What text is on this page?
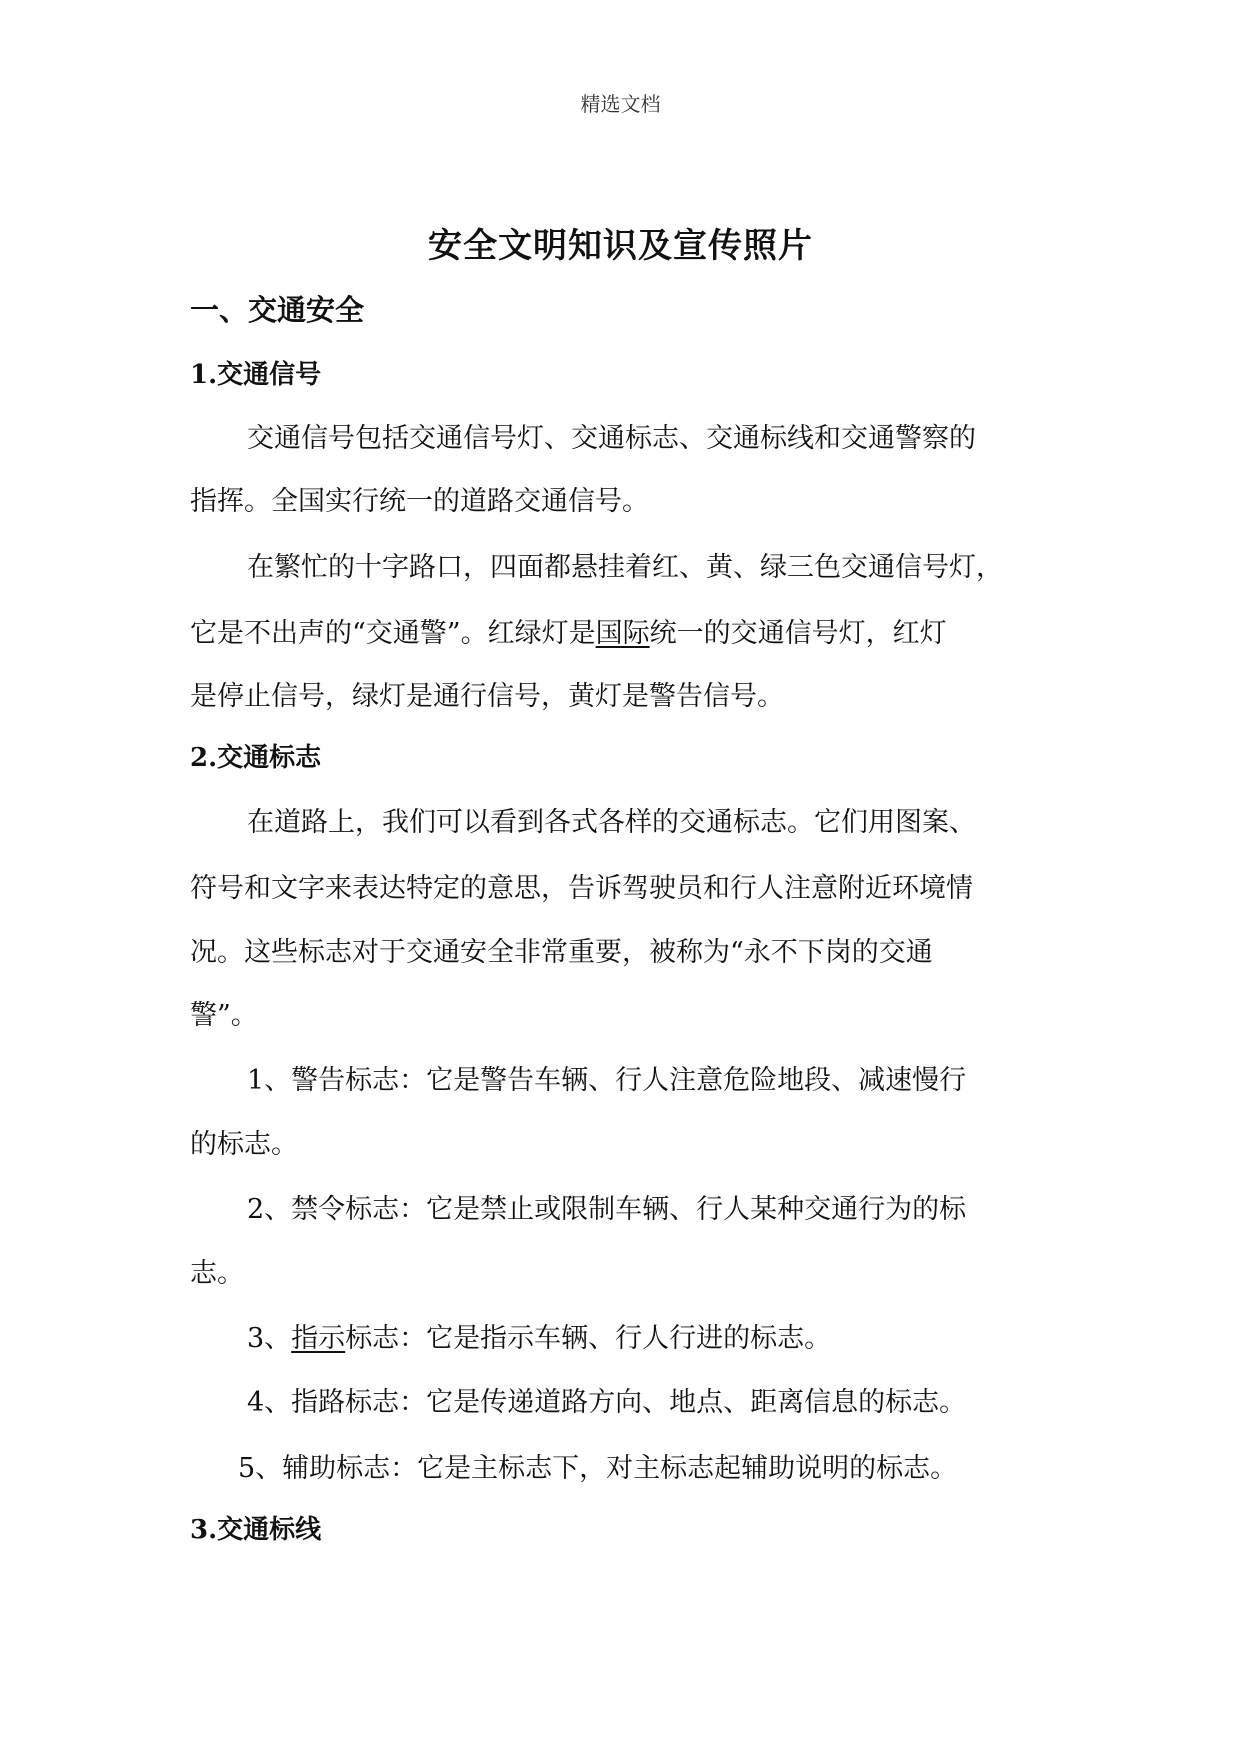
精选文档
安全文明知识及宣传照片
一、交通安全
1.交通信号
交通信号包括交通信号灯、交通标志、交通标线和交通警察的
指挥。全国实行统一的道路交通信号。
在繁忙的十字路口，四面都悬挂着红、黄、绿三色交通信号灯，
它是不出声的“交通警”。红绿灯是国际统一的交通信号灯，红灯
是停止信号，绿灯是通行信号，黄灯是警告信号。
2.交通标志
在道路上，我们可以看到各式各样的交通标志。它们用图案、
符号和文字来表达特定的意思，告诉驾驶员和行人注意附近环境情
况。这些标志对于交通安全非常重要，被称为“永不下岗的交通
警”。
1、警告标志：它是警告车辆、行人注意危险地段、减速慢行
的标志。
2、禁令标志：它是禁止或限制车辆、行人某种交通行为的标
志。
3、指示标志：它是指示车辆、行人行进的标志。
4、指路标志：它是传递道路方向、地点、距离信息的标志。
5、辅助标志：它是主标志下，对主标志起辅助说明的标志。
3.交通标线
